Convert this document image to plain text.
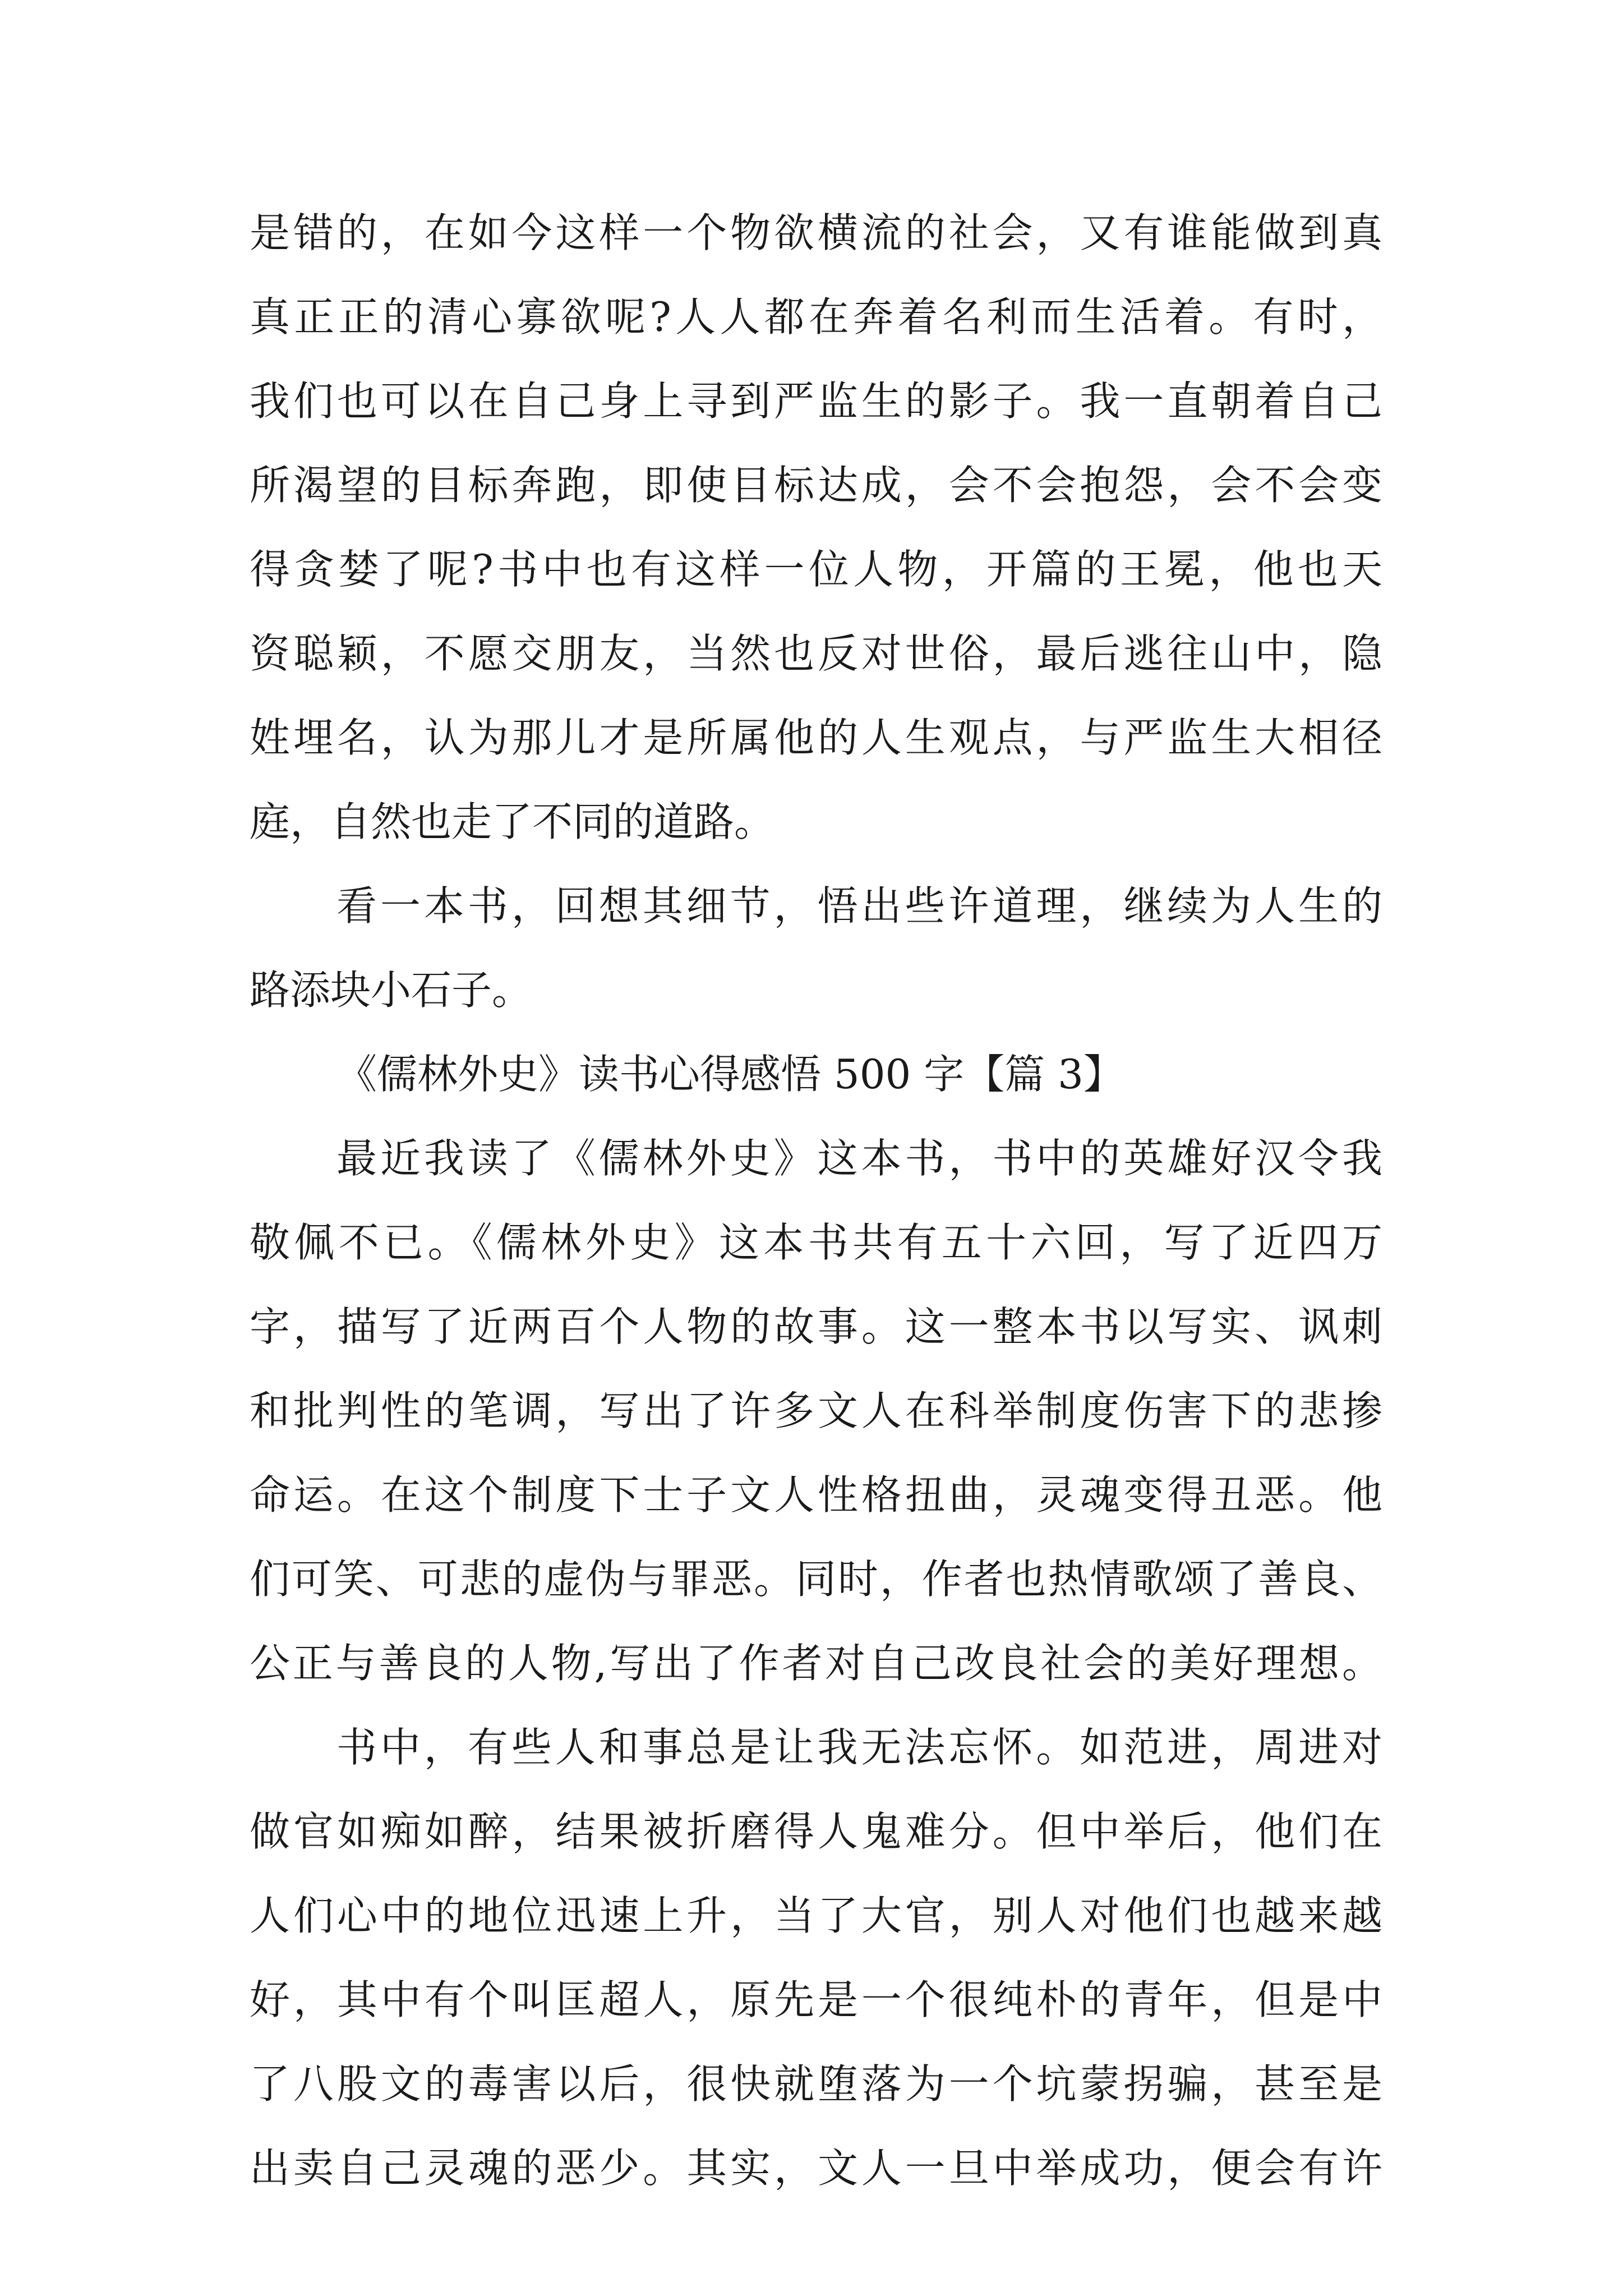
是错的，在如今这样一个物欲横流的社会，又有谁能做到真
真正正的清心寡欲呢?人人都在奔着名利而生活着。有时，
我们也可以在自己身上寻到严监生的影子。我一直朝着自己
所渴望的目标奔跑，即使目标达成，会不会抱怨，会不会变
得贪婪了呢?书中也有这样一位人物，开篇的王冕，他也天
资聪颖，不愿交朋友，当然也反对世俗，最后逃往山中，隐
姓埋名，认为那儿才是所属他的人生观点，与严监生大相径
庭，自然也走了不同的道路。
看一本书，回想其细节，悟出些许道理，继续为人生的
路添块小石子。
《儒林外史》读书心得感悟 500 字【篇 3】
最近我读了《儒林外史》这本书，书中的英雄好汉令我
敬佩不已。《儒林外史》这本书共有五十六回，写了近四万
字，描写了近两百个人物的故事。这一整本书以写实、讽刺
和批判性的笔调，写出了许多文人在科举制度伤害下的悲掺
命运。在这个制度下士子文人性格扭曲，灵魂变得丑恶。他
们可笑、可悲的虚伪与罪恶。同时，作者也热情歌颂了善良、
公正与善良的人物,写出了作者对自己改良社会的美好理想。
书中，有些人和事总是让我无法忘怀。如范进，周进对
做官如痴如醉，结果被折磨得人鬼难分。但中举后，他们在
人们心中的地位迅速上升，当了大官，别人对他们也越来越
好，其中有个叫匡超人，原先是一个很纯朴的青年，但是中
了八股文的毒害以后，很快就堕落为一个坑蒙拐骗，甚至是
出卖自己灵魂的恶少。其实，文人一旦中举成功，便会有许
